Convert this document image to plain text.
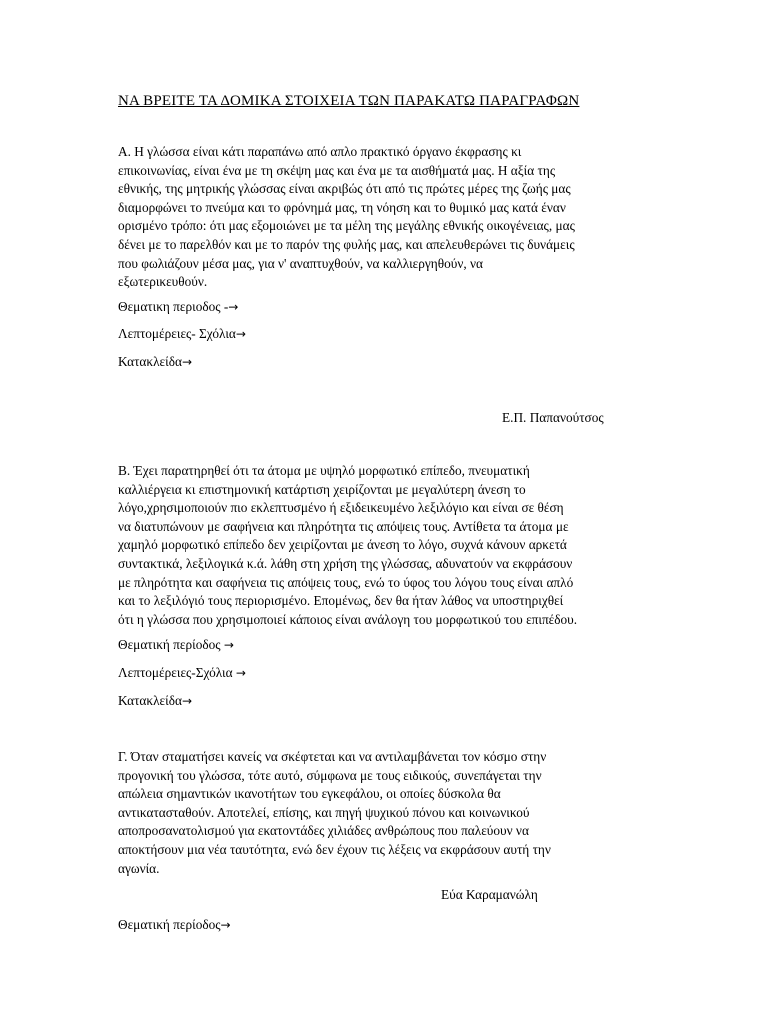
ΝΑ ΒΡΕΙΤΕ ΤΑ ΔΟΜΙΚΑ ΣΤΟΙΧΕΙΑ ΤΩΝ ΠΑΡΑΚΑΤΩ ΠΑΡΑΓΡΑΦΩΝ
Α. Η γλώσσα είναι κάτι παραπάνω από απλο πρακτικό όργανο έκφρασης κι
επικοινωνίας, είναι ένα με τη σκέψη μας και ένα με τα αισθήματά μας. Η αξία της
εθνικής, της μητρικής γλώσσας είναι ακριβώς ότι από τις πρώτες μέρες της ζωής μας
διαμορφώνει το πνεύμα και το φρόνημά μας, τη νόηση και το θυμικό μας κατά έναν
ορισμένο τρόπο: ότι μας εξομοιώνει με τα μέλη της μεγάλης εθνικής οικογένειας, μας
δένει με το παρελθόν και με το παρόν της φυλής μας, και απελευθερώνει τις δυνάμεις
που φωλιάζουν μέσα μας, για ν' αναπτυχθούν, να καλλιεργηθούν, να
εξωτερικευθούν.
Θεματικη περιοδος -→
Λεπτομέρειες- Σχόλια→
Κατακλείδα→
Ε.Π. Παπανούτσος
Β. Έχει παρατηρηθεί ότι τα άτομα με υψηλό μορφωτικό επίπεδο, πνευματική
καλλιέργεια κι επιστημονική κατάρτιση χειρίζονται με μεγαλύτερη άνεση το
λόγο,χρησιμοποιούν πιο εκλεπτυσμένο ή εξιδεικευμένο λεξιλόγιο και είναι σε θέση
να διατυπώνουν με σαφήνεια και πληρότητα τις απόψεις τους. Αντίθετα τα άτομα με
χαμηλό μορφωτικό επίπεδο δεν χειρίζονται με άνεση το λόγο, συχνά κάνουν αρκετά
συντακτικά, λεξιλογικά κ.ά. λάθη στη χρήση της γλώσσας, αδυνατούν να εκφράσουν
με πληρότητα και σαφήνεια τις απόψεις τους, ενώ το ύφος του λόγου τους είναι απλό
και το λεξιλόγιό τους περιορισμένο. Επομένως, δεν θα ήταν λάθος να υποστηριχθεί
ότι η γλώσσα που χρησιμοποιεί κάποιος είναι ανάλογη του μορφωτικού του επιπέδου.
Θεματική περίοδος →
Λεπτομέρειες-Σχόλια →
Κατακλείδα→
Γ. Όταν σταματήσει κανείς να σκέφτεται και να αντιλαμβάνεται τον κόσμο στην
προγονική του γλώσσα, τότε αυτό, σύμφωνα με τους ειδικούς, συνεπάγεται την
απώλεια σημαντικών ικανοτήτων του εγκεφάλου, οι οποίες δύσκολα θα
αντικατασταθούν. Αποτελεί, επίσης, και πηγή ψυχικού πόνου και κοινωνικού
αποπροσανατολισμού για εκατοντάδες χιλιάδες ανθρώπους που παλεύουν να
αποκτήσουν μια νέα ταυτότητα, ενώ δεν έχουν τις λέξεις να εκφράσουν αυτή την
αγωνία.
Εύα Καραμανώλη
Θεματική περίοδος→
